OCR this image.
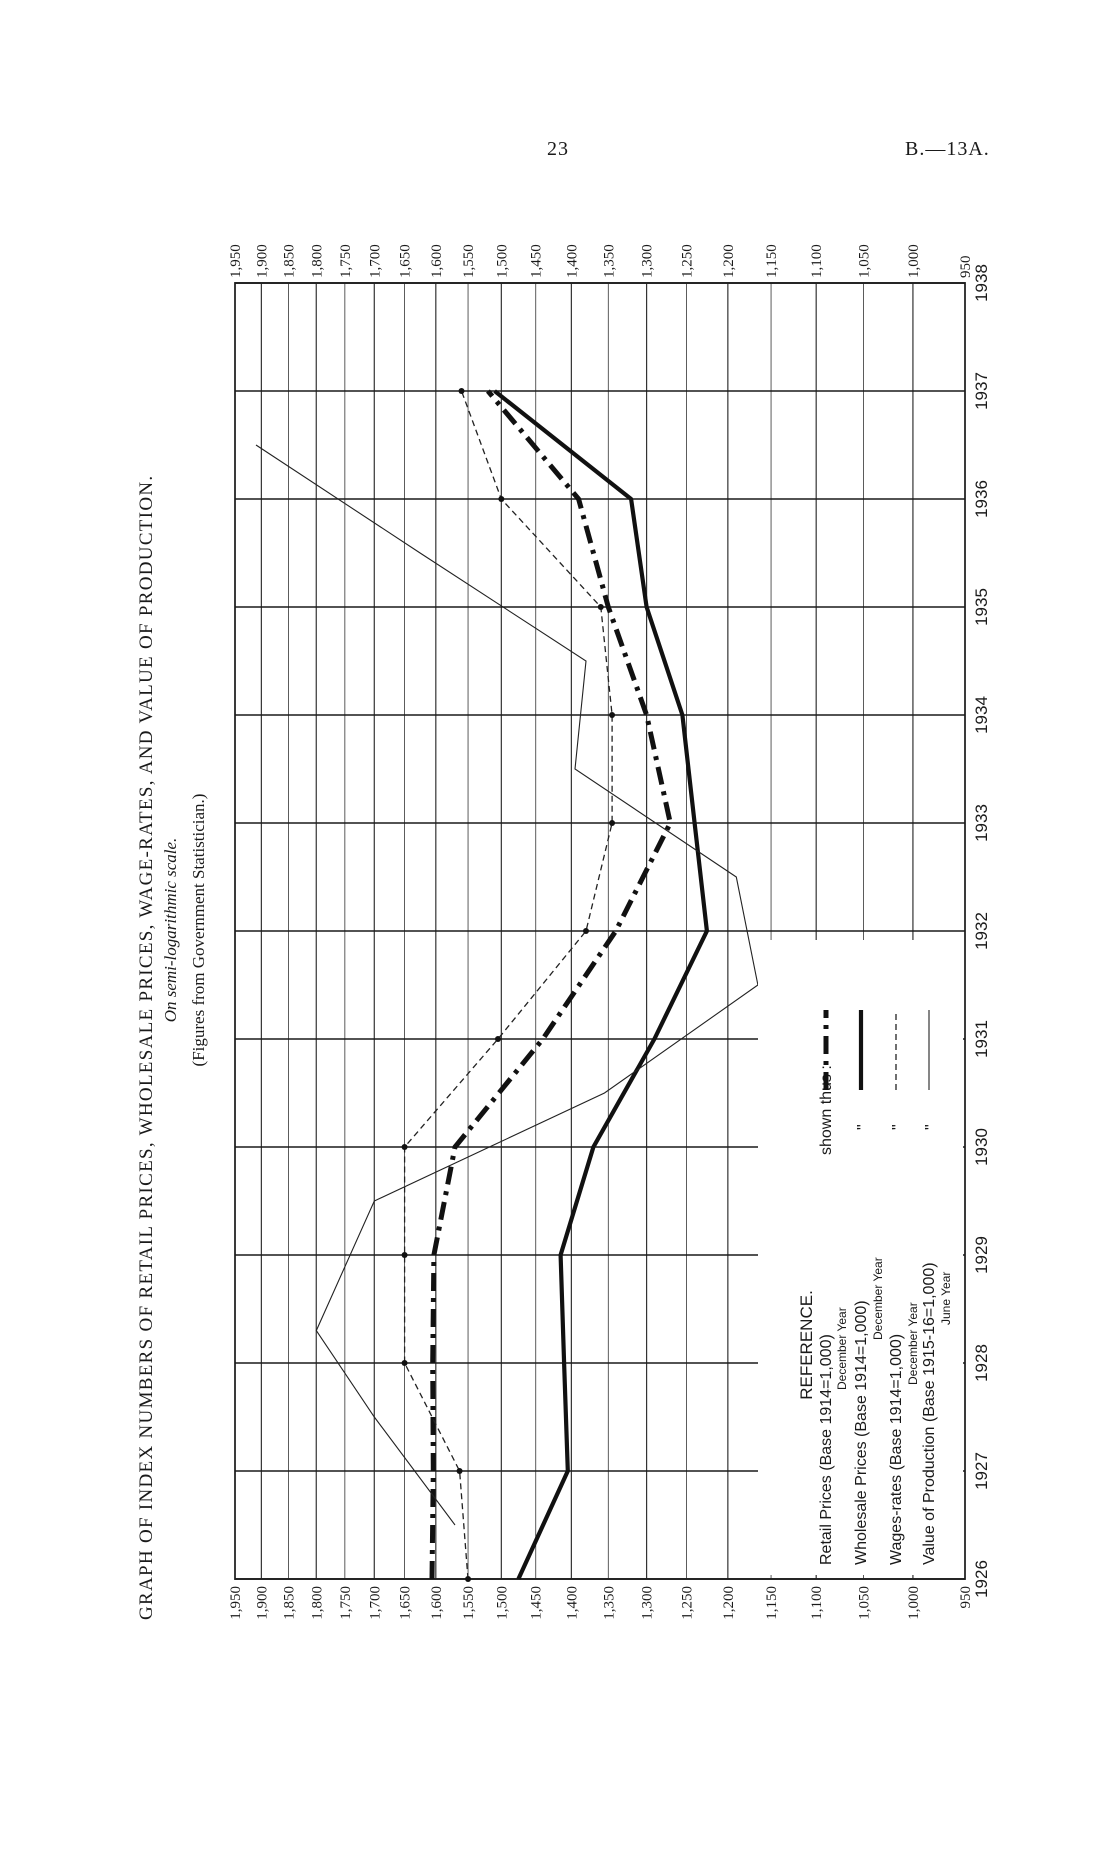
23	B.—13A.
950
950
1,000
1,000
1,050
1,050
1,100
1,100
1,150
1,150
1,200
1,200
1,250
1,250
1,300
1,300
1,350
1,350
1,400
1,400
1,450
1,450
1,500
1,500
1,550
1,550
1,600
1,600
1,650
1,650
1,700
1,700
1,750
1,750
1,800
1,800
1,850
1,850
1,900
1,900
1,950
1,950
1926
1927
1928
1929
1930
1931
1932
1933
1934
1935
1936
1937
1938
GRAPH OF INDEX NUMBERS OF RETAIL PRICES, WHOLESALE PRICES, WAGE-RATES, AND VALUE OF PRODUCTION. On semi-logarithmic scale. (Figures from Government Statistician.)
REFERENCE. Retail Prices (Base 1914=1,000) December Year Wholesale Prices (Base 1914=1,000)
December Year
Wages-rates (Base 1914=1,000) December Year Value of Production (Base 1915-16=1,000) June Year
shown thus : " " "
